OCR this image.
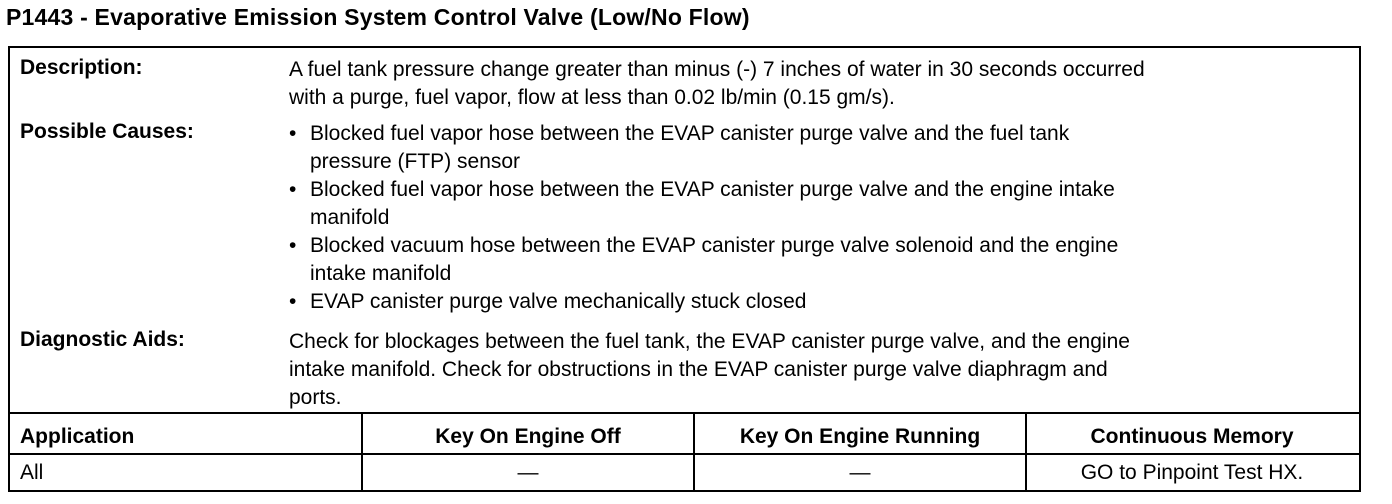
P1443 - Evaporative Emission System Control Valve (Low/No Flow)
Description:	A fuel tank pressure change greater than minus (-) 7 inches of water in 30 seconds occurred
with a purge, fuel vapor, flow at less than 0.02 lb/min (0.15 gm/s).
Possible Causes:	• Blocked fuel vapor hose between the EVAP canister purge valve and the fuel tank
pressure (FTP) sensor
• Blocked fuel vapor hose between the EVAP canister purge valve and the engine intake
manifold
• Blocked vacuum hose between the EVAP canister purge valve solenoid and the engine
intake manifold
• EVAP canister purge valve mechanically stuck closed
Diagnostic Aids:	Check for blockages between the fuel tank, the EVAP canister purge valve, and the engine
intake manifold. Check for obstructions in the EVAP canister purge valve diaphragm and
ports.
Application	Key On Engine Off	Key On Engine Running	Continuous Memory
All	—	—	GO to Pinpoint Test HX.
